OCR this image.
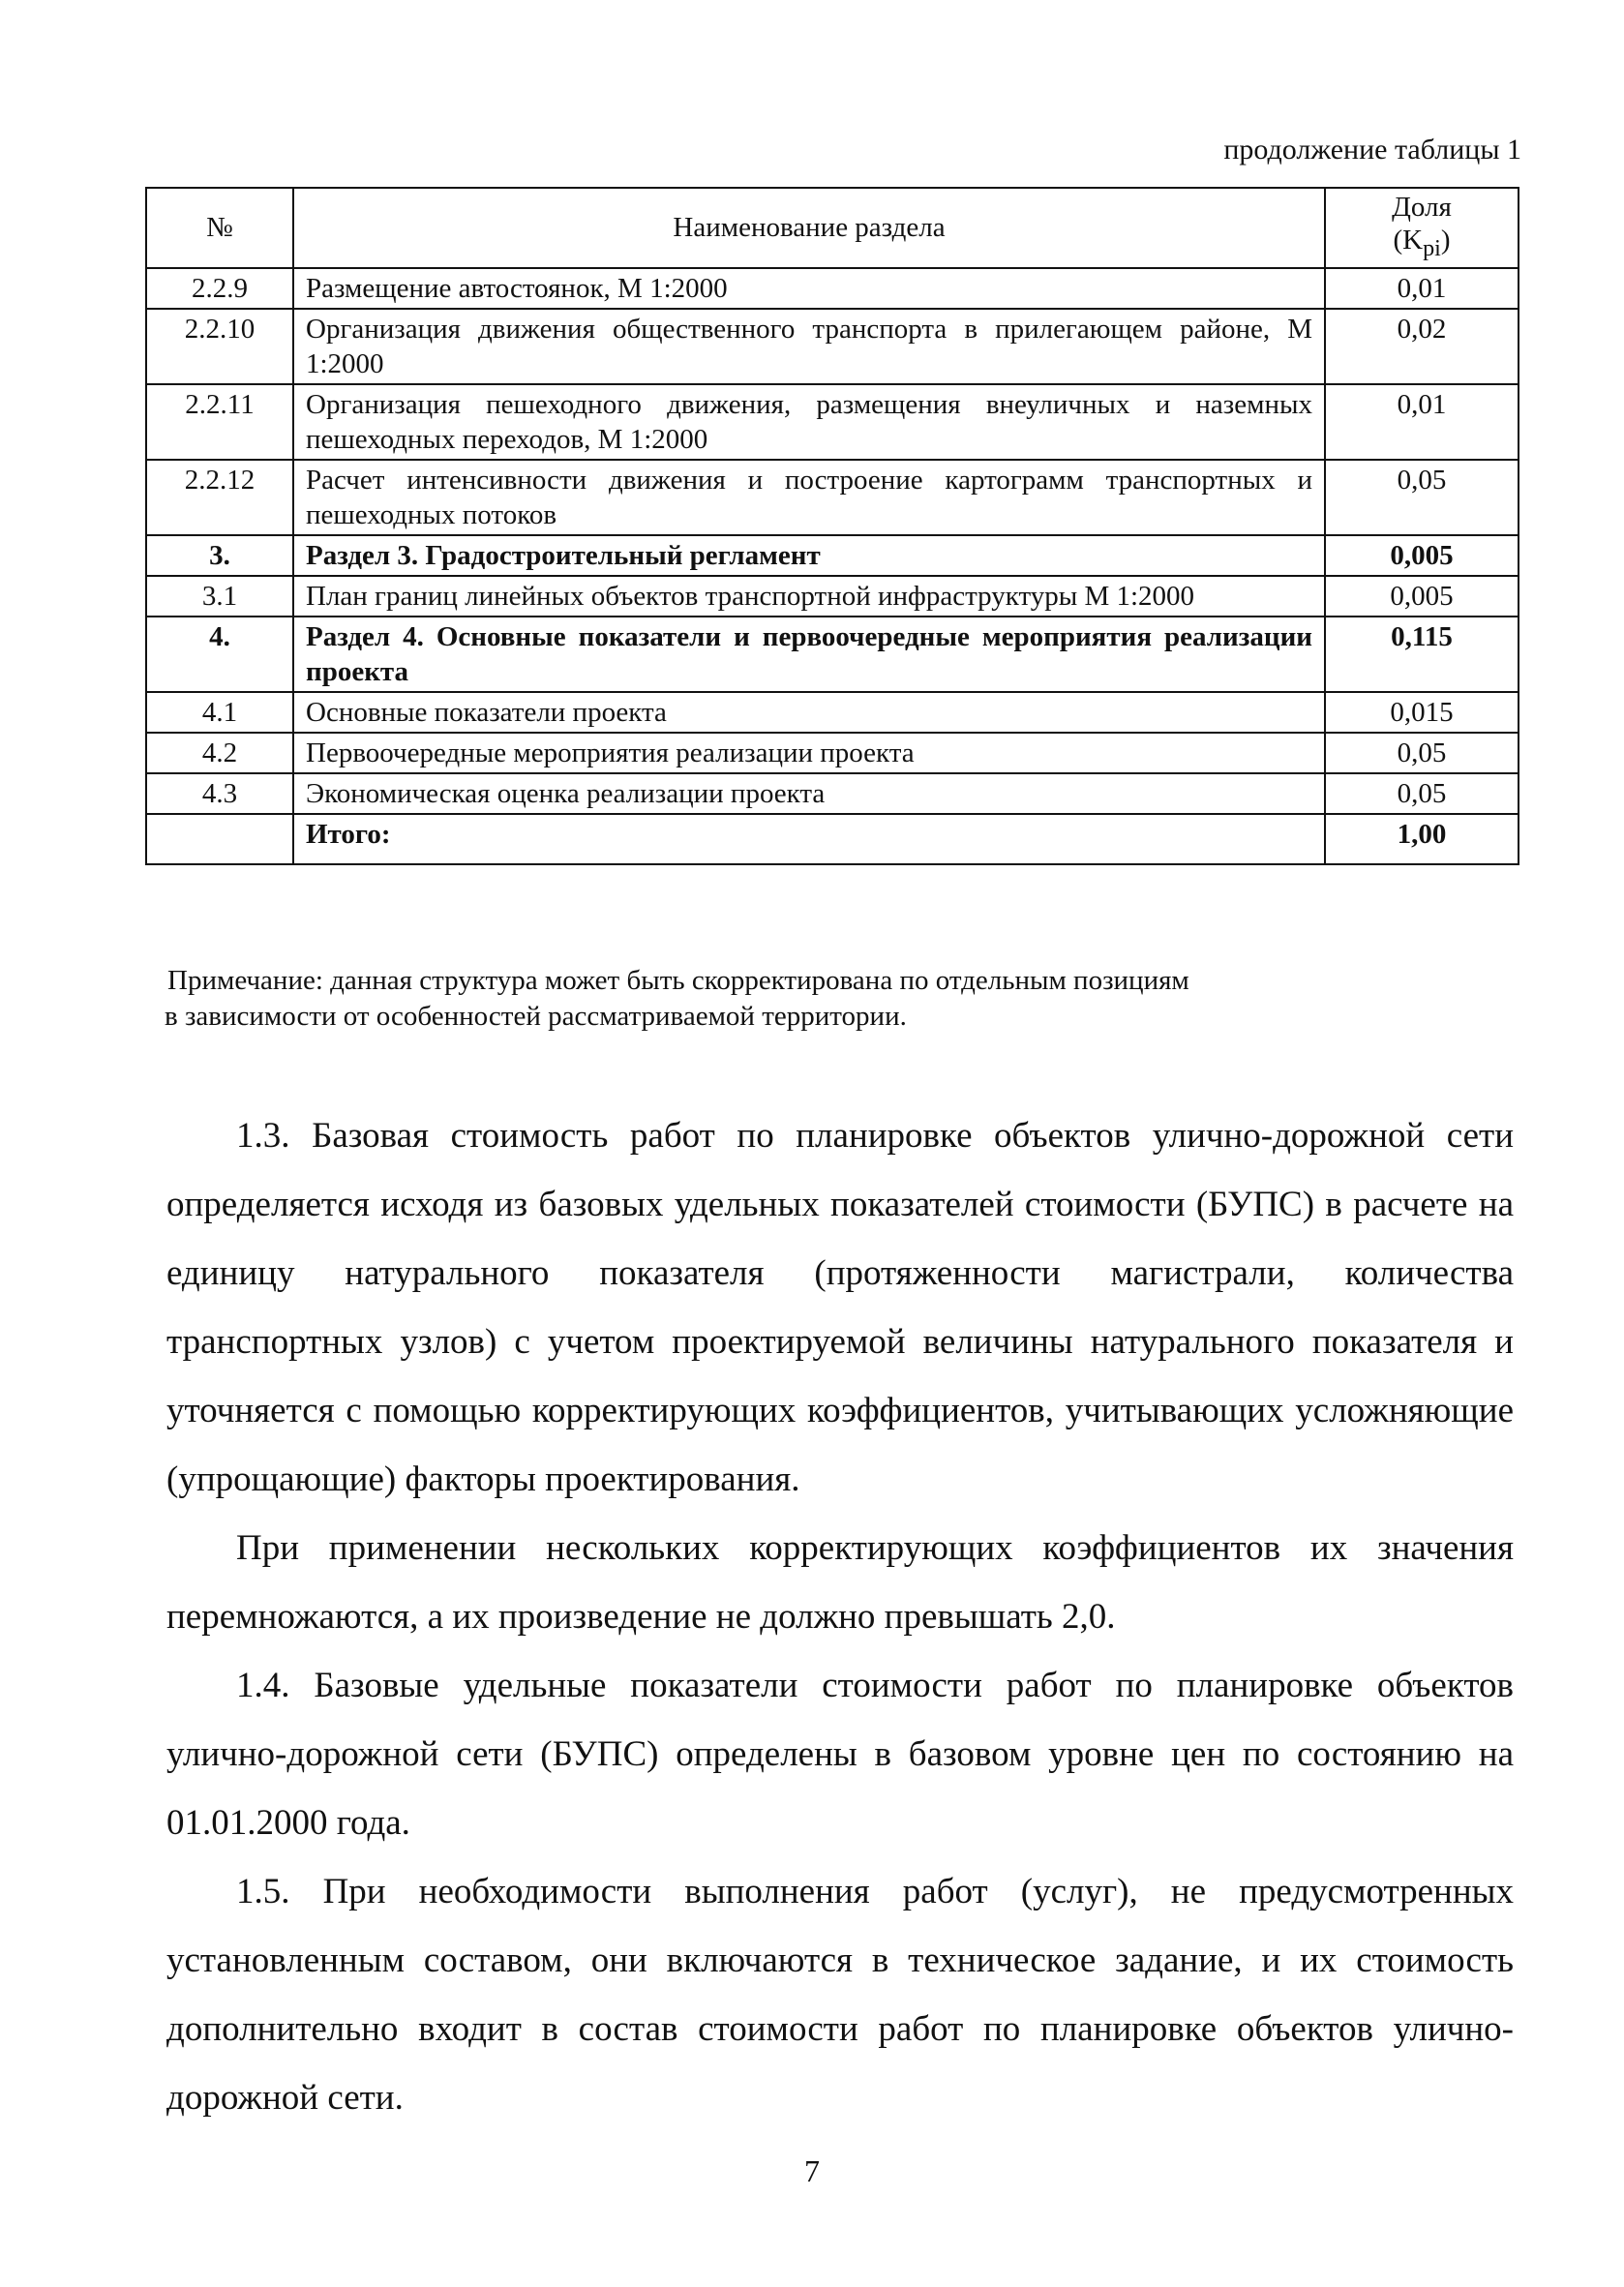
продолжение таблицы 1
№	Наименование раздела	Доля
$(K_{pi})$
2.2.9	Размещение автостоянок, М 1:2000	0,01
2.2.10	Организация движения общественного транспорта в прилегающем районе, М 1:2000	0,02
2.2.11	Организация пешеходного движения, размещения внеуличных и наземных пешеходных переходов, М 1:2000	0,01
2.2.12	Расчет интенсивности движения и построение картограмм транспортных и пешеходных потоков	0,05
3.	Раздел 3. Градостроительный регламент	0,005
3.1	План границ линейных объектов транспортной инфраструктуры М 1:2000	0,005
4.	Раздел 4. Основные показатели и первоочередные мероприятия реализации проекта	0,115
4.1	Основные показатели проекта	0,015
4.2	Первоочередные мероприятия реализации проекта	0,05
4.3	Экономическая оценка реализации проекта	0,05
	Итого:	1,00
Примечание: данная структура может быть скорректирована по отдельным позициям
в зависимости от особенностей рассматриваемой территории.

1.3. Базовая стоимость работ по планировке объектов улично-дорожной сети определяется исходя из базовых удельных показателей стоимости (БУПС) в расчете на единицу натурального показателя (протяженности магистрали, количества транспортных узлов) с учетом проектируемой величины натурального показателя и уточняется с помощью корректирующих коэффициентов, учитывающих усложняющие (упрощающие) факторы проектирования.

При применении нескольких корректирующих коэффициентов их значения перемножаются, а их произведение не должно превышать 2,0.

1.4. Базовые удельные показатели стоимости работ по планировке объектов улично-дорожной сети (БУПС) определены в базовом уровне цен по состоянию на 01.01.2000 года.

1.5. При необходимости выполнения работ (услуг), не предусмотренных установленным составом, они включаются в техническое задание, и их стоимость дополнительно входит в состав стоимости работ по планировке объектов улично-дорожной сети.

7
